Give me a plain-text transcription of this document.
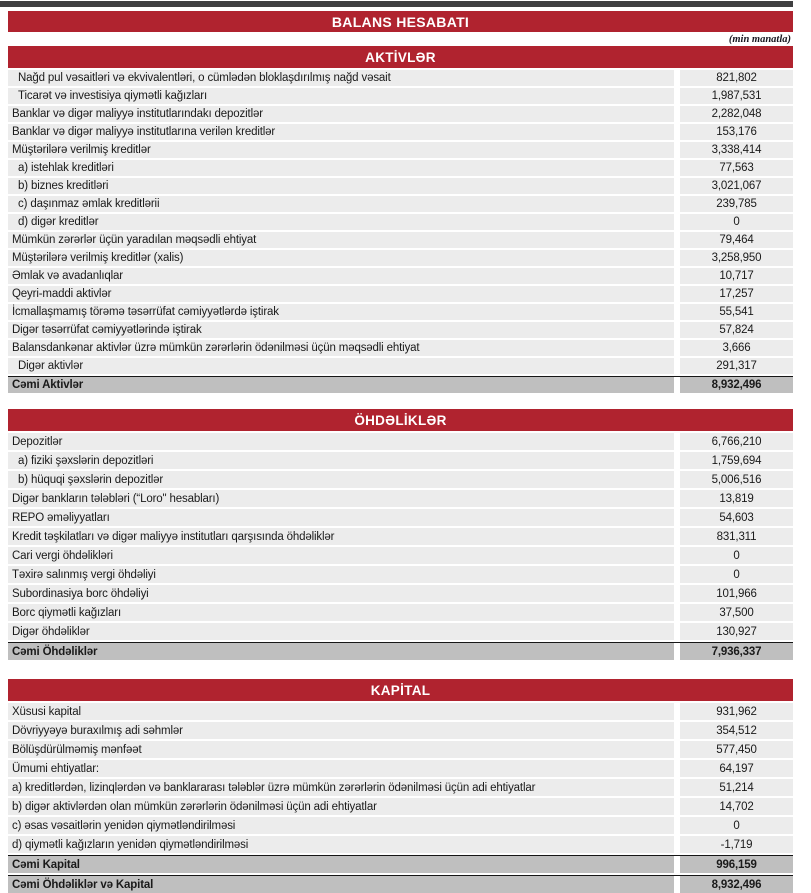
BALANS HESABATI
(min manatla)
AKTİVLƏR
Nağd pul vəsaitləri və ekvivalentləri, o cümlədən bloklaşdırılmış nağd vəsait	821,802
Ticarət və investisiya qiymətli kağızları	1,987,531
Banklar və digər maliyyə institutlarındakı depozitlər	2,282,048
Banklar və digər maliyyə institutlarına verilən kreditlər	153,176
Müştərilərə verilmiş kreditlər	3,338,414
a) istehlak kreditləri	77,563
b) biznes kreditləri	3,021,067
c) daşınmaz əmlak kreditlərii	239,785
d) digər kreditlər	0
Mümkün zərərlər üçün yaradılan məqsədli ehtiyat	79,464
Müştərilərə verilmiş kreditlər (xalis)	3,258,950
Əmlak və avadanlıqlar	10,717
Qeyri-maddi aktivlər	17,257
İcmallaşmamış törəmə təsərrüfat cəmiyyətlərdə iştirak	55,541
Digər təsərrüfat cəmiyyətlərində iştirak	57,824
Balansdankənar aktivlər üzrə mümkün zərərlərin ödənilməsi üçün məqsədli ehtiyat	3,666
Digər aktivlər	291,317
Cəmi Aktivlər	8,932,496
ÖHDƏLİKLƏR
Depozitlər	6,766,210
a) fiziki şəxslərin depozitləri	1,759,694
b) hüquqi şəxslərin depozitlər	5,006,516
Digər bankların tələbləri (“Loro" hesabları)	13,819
REPO əməliyyatları	54,603
Kredit təşkilatları və digər maliyyə institutları qarşısında öhdəliklər	831,311
Cari vergi öhdəlikləri	0
Təxirə salınmış vergi öhdəliyi	0
Subordinasiya borc öhdəliyi	101,966
Borc qiymətli kağızları	37,500
Digər öhdəliklər	130,927
Cəmi Öhdəliklər	7,936,337
KAPİTAL
Xüsusi kapital	931,962
Dövriyyəyə buraxılmış adi səhmlər	354,512
Bölüşdürülməmiş mənfəət	577,450
Ümumi ehtiyatlar:	64,197
a) kreditlərdən, lizinqlərdən və banklararası tələblər üzrə mümkün zərərlərin ödənilməsi üçün adi ehtiyatlar	51,214
b) digər aktivlərdən olan mümkün zərərlərin ödənilməsi üçün adi ehtiyatlar	14,702
c) əsas vəsaitlərin yenidən qiymətləndirilməsi	0
d) qiymətli kağızların yenidən qiymətləndirilməsi	-1,719
Cəmi Kapital	996,159
Cəmi Öhdəliklər və Kapital	8,932,496
